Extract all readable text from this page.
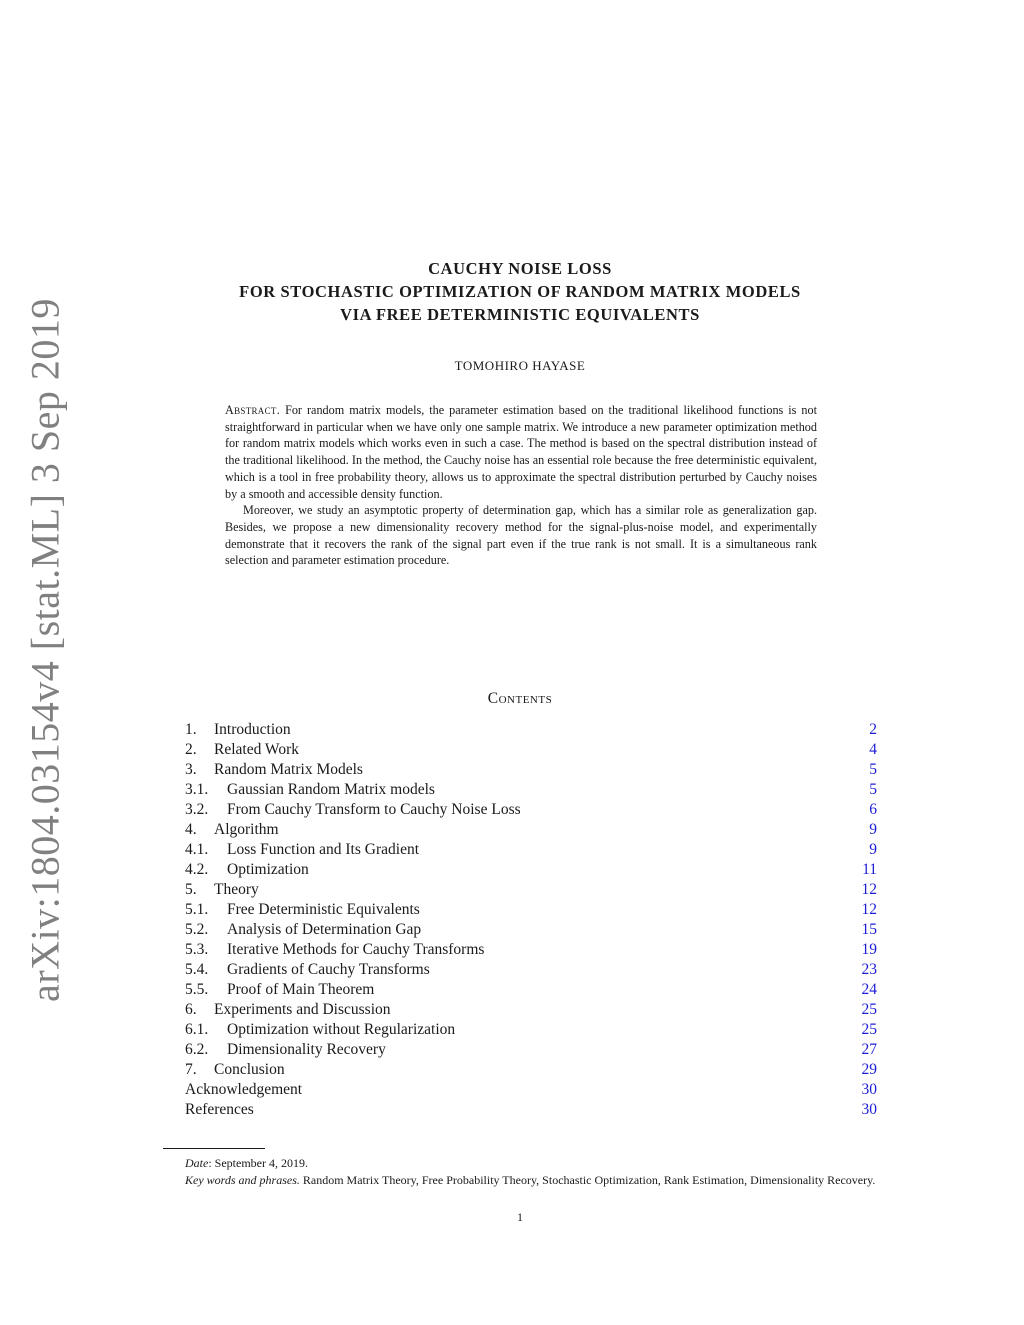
arXiv:1804.03154v4 [stat.ML] 3 Sep 2019
CAUCHY NOISE LOSS
FOR STOCHASTIC OPTIMIZATION OF RANDOM MATRIX MODELS
VIA FREE DETERMINISTIC EQUIVALENTS
TOMOHIRO HAYASE

Abstract. For random matrix models, the parameter estimation based on the traditional likelihood functions is not straightforward in particular when we have only one sample matrix. We introduce a new parameter optimization method for random matrix models which works even in such a case. The method is based on the spectral distribution instead of the traditional likelihood. In the method, the Cauchy noise has an essential role because the free deterministic equivalent, which is a tool in free probability theory, allows us to approximate the spectral distribution perturbed by Cauchy noises by a smooth and accessible density function.

Moreover, we study an asymptotic property of determination gap, which has a similar role as generalization gap. Besides, we propose a new dimensionality recovery method for the signal-plus-noise model, and experimentally demonstrate that it recovers the rank of the signal part even if the true rank is not small. It is a simultaneous rank selection and parameter estimation procedure.

Contents
1. Introduction	2
2. Related Work	4
3. Random Matrix Models	5
3.1. Gaussian Random Matrix models	5
3.2. From Cauchy Transform to Cauchy Noise Loss	6
4. Algorithm	9
4.1. Loss Function and Its Gradient	9
4.2. Optimization	11
5. Theory	12
5.1. Free Deterministic Equivalents	12
5.2. Analysis of Determination Gap	15
5.3. Iterative Methods for Cauchy Transforms	19
5.4. Gradients of Cauchy Transforms	23
5.5. Proof of Main Theorem	24
6. Experiments and Discussion	25
6.1. Optimization without Regularization	25
6.2. Dimensionality Recovery	27
7. Conclusion	29
Acknowledgement	30
References	30

Date: September 4, 2019.

Key words and phrases. Random Matrix Theory, Free Probability Theory, Stochastic Optimization, Rank Estimation, Dimensionality Recovery.

1
